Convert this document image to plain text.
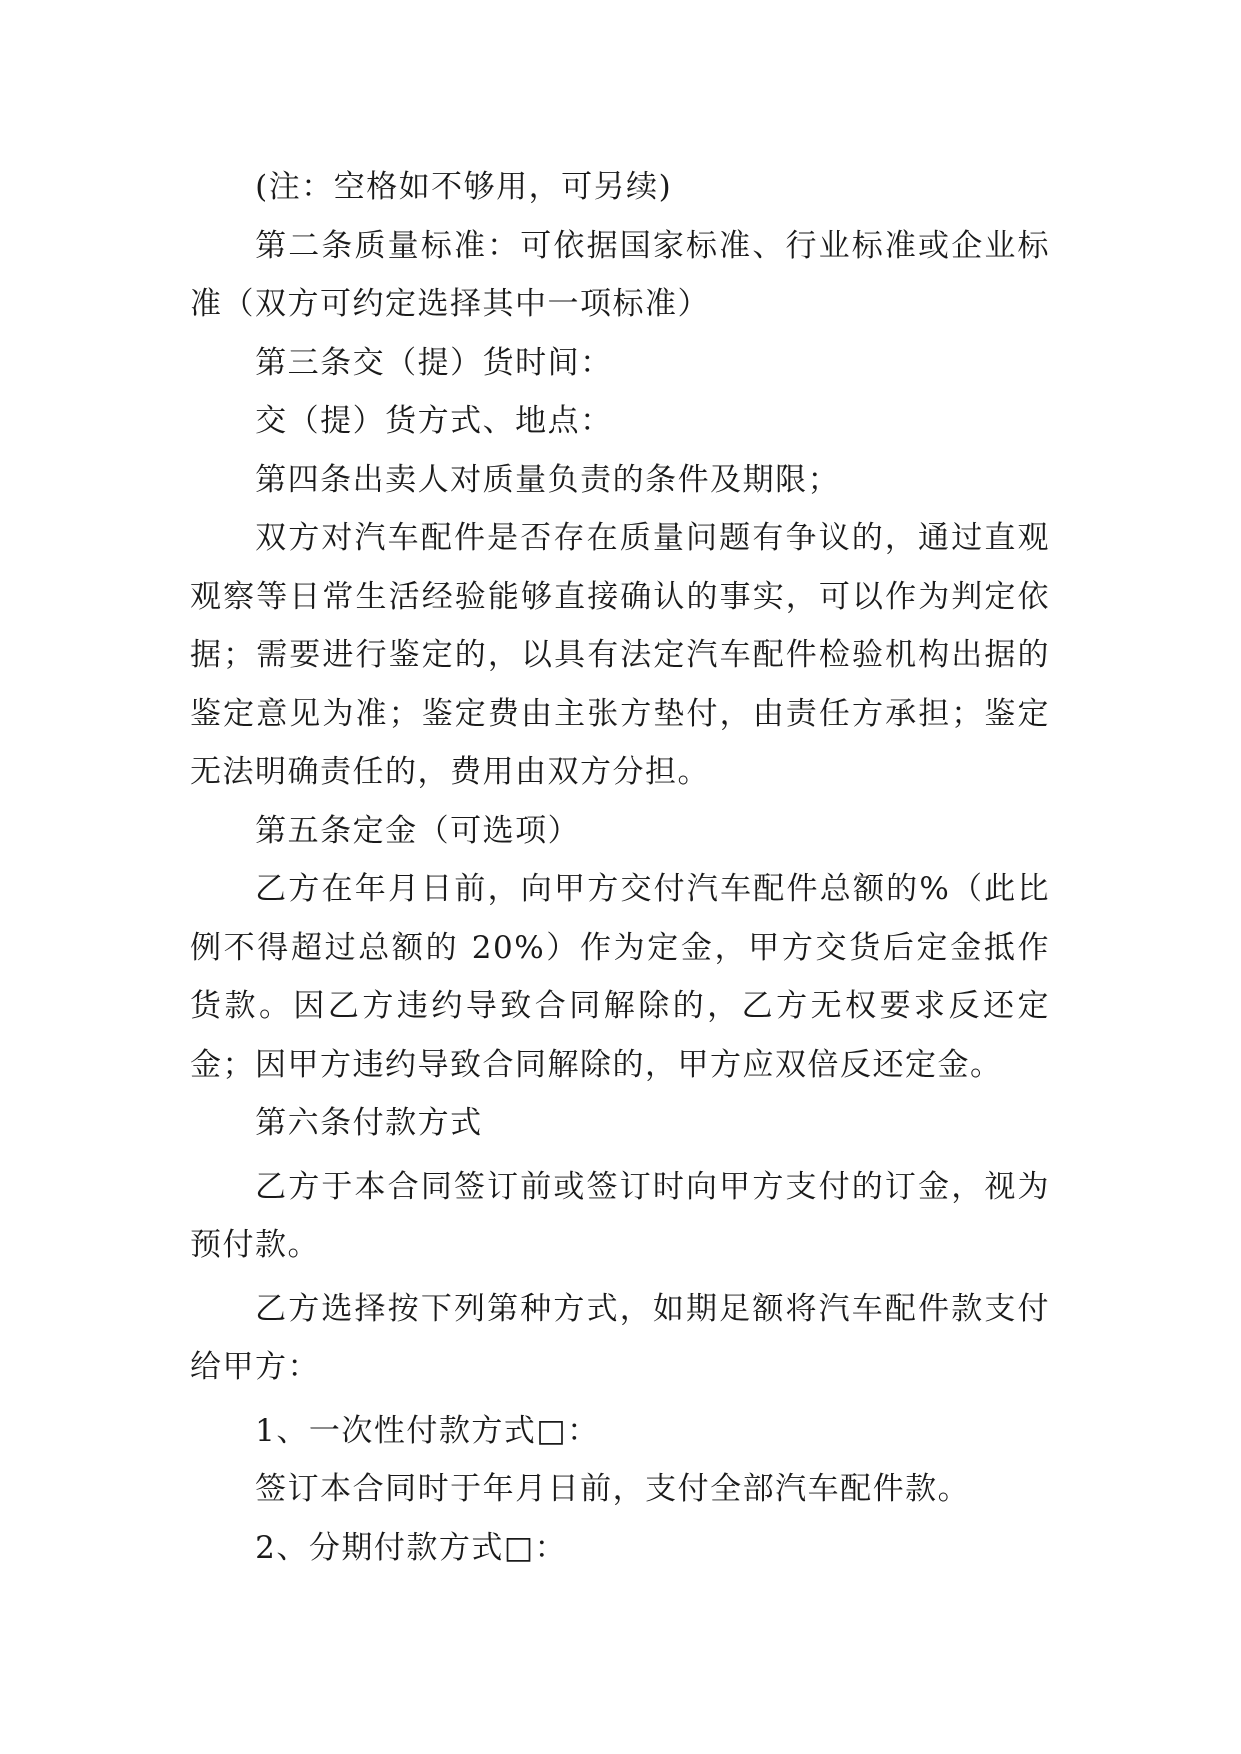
(注：空格如不够用，可另续)

第二条质量标准：可依据国家标准、行业标准或企业标准（双方可约定选择其中一项标准）

第三条交（提）货时间：

交（提）货方式、地点：

第四条出卖人对质量负责的条件及期限；

双方对汽车配件是否存在质量问题有争议的，通过直观观察等日常生活经验能够直接确认的事实，可以作为判定依据；需要进行鉴定的，以具有法定汽车配件检验机构出据的鉴定意见为准；鉴定费由主张方垫付，由责任方承担；鉴定无法明确责任的，费用由双方分担。

第五条定金（可选项）

乙方在年月日前，向甲方交付汽车配件总额的%（此比例不得超过总额的 20%）作为定金，甲方交货后定金抵作货款。因乙方违约导致合同解除的，乙方无权要求反还定金；因甲方违约导致合同解除的，甲方应双倍反还定金。

第六条付款方式

乙方于本合同签订前或签订时向甲方支付的订金，视为预付款。

乙方选择按下列第种方式，如期足额将汽车配件款支付给甲方：

1、一次性付款方式□：

签订本合同时于年月日前，支付全部汽车配件款。

2、分期付款方式□：
